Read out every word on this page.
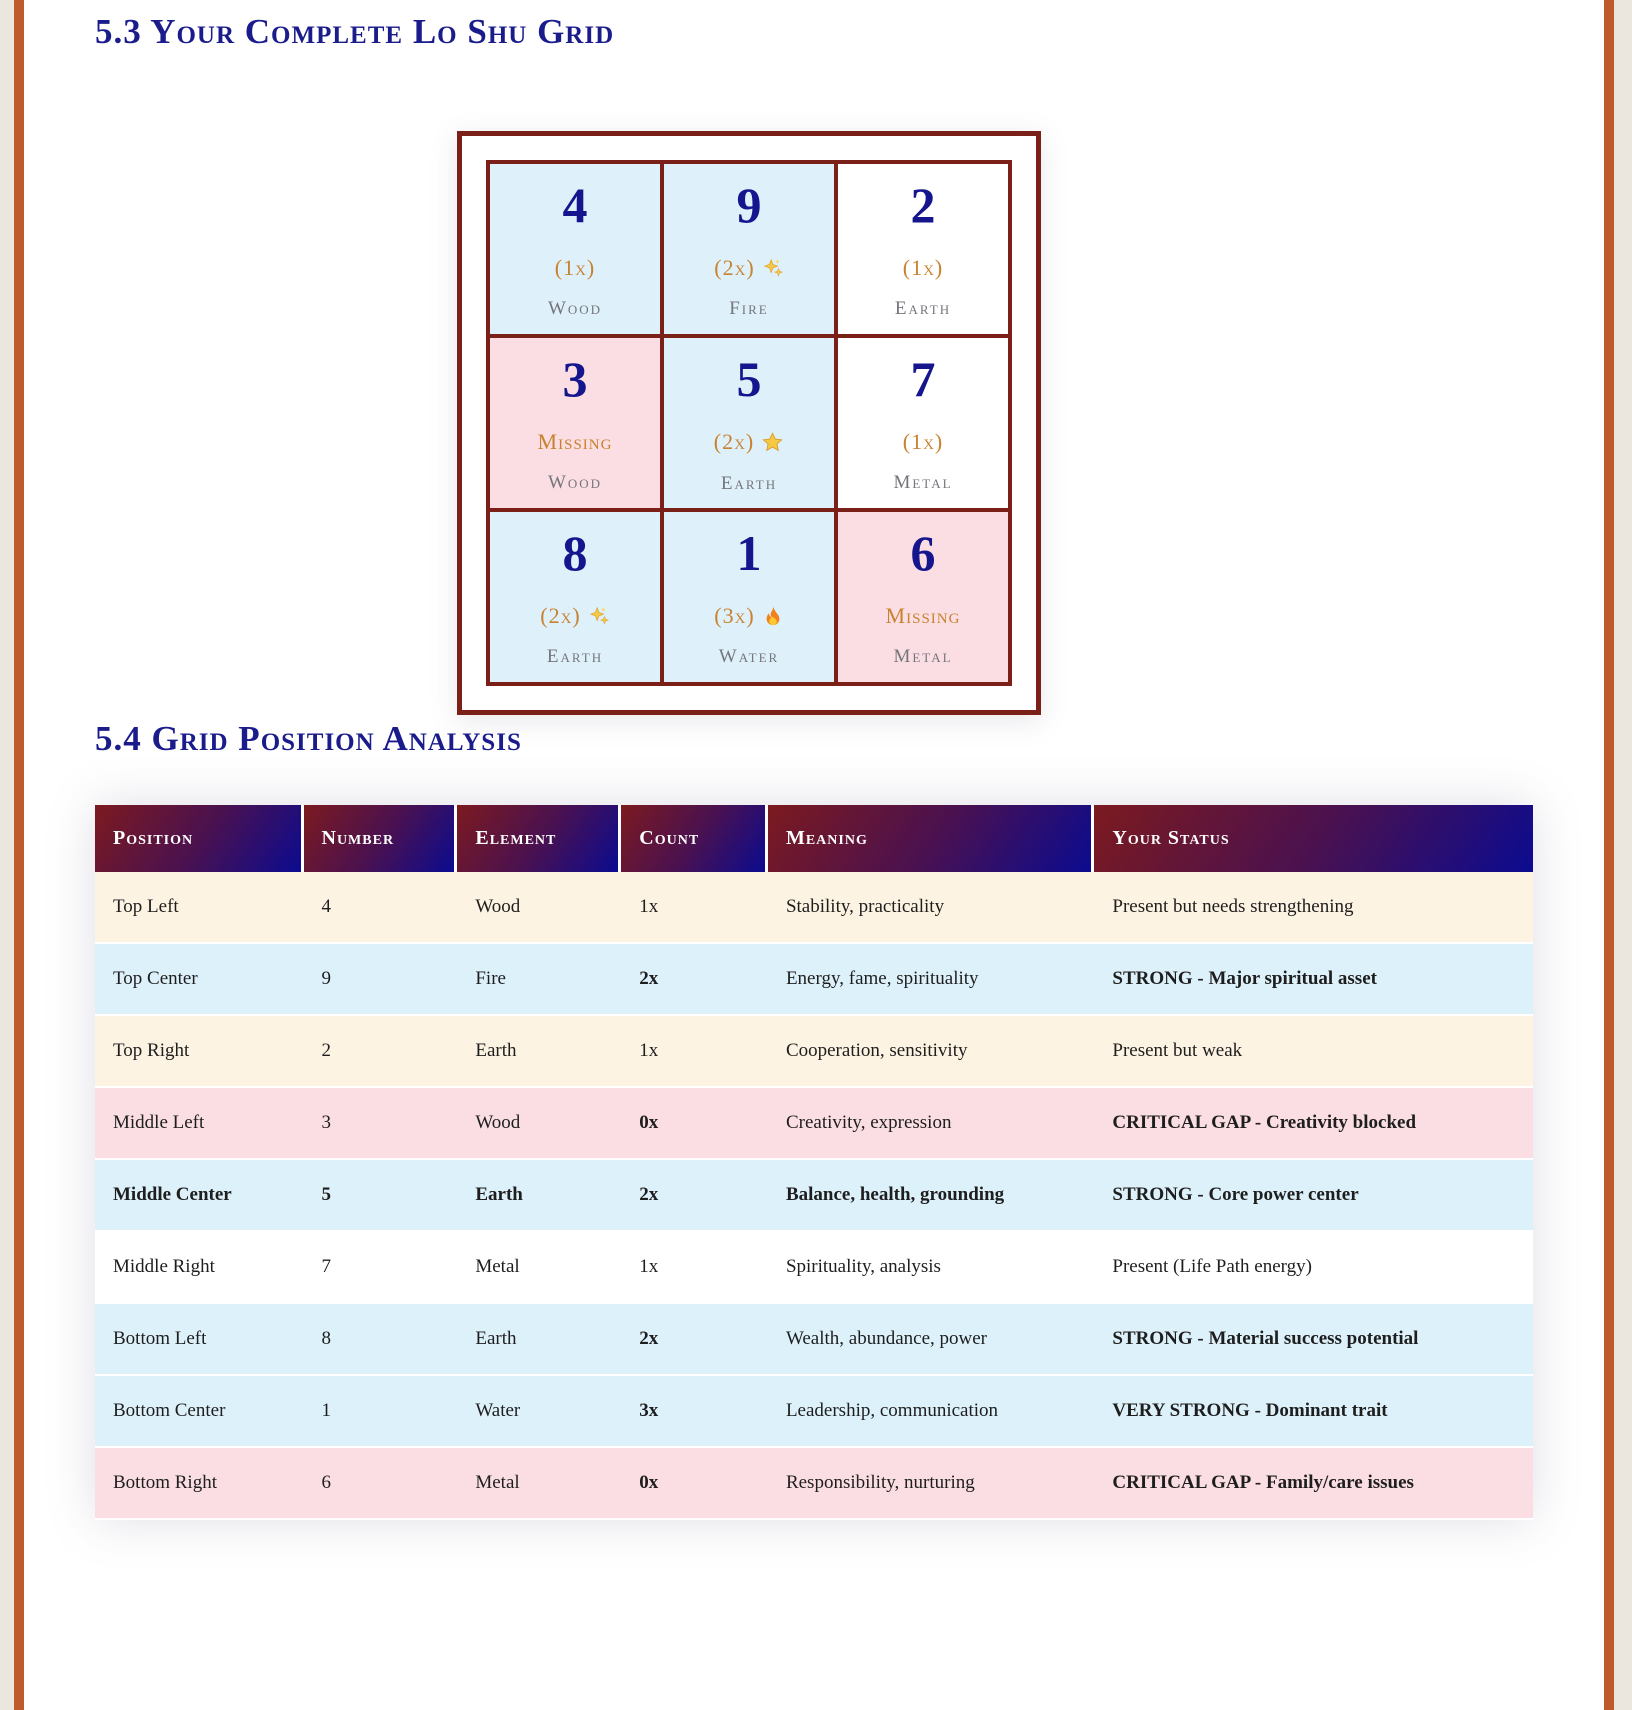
5.3 Your Complete Lo Shu Grid
4
(1x)
Wood
9
(2x)
Fire
2
(1x)
Earth
3
Missing
Wood
5
(2x)
Earth
7
(1x)
Metal
8
(2x)
Earth
1
(3x)
Water
6
Missing
Metal
5.4 Grid Position Analysis
Position	Number	Element	Count	Meaning	Your Status
Top Left	4	Wood	1x	Stability, practicality	Present but needs strengthening
Top Center	9	Fire	2x	Energy, fame, spirituality	STRONG - Major spiritual asset
Top Right	2	Earth	1x	Cooperation, sensitivity	Present but weak
Middle Left	3	Wood	0x	Creativity, expression	CRITICAL GAP - Creativity blocked
Middle Center	5	Earth	2x	Balance, health, grounding	STRONG - Core power center
Middle Right	7	Metal	1x	Spirituality, analysis	Present (Life Path energy)
Bottom Left	8	Earth	2x	Wealth, abundance, power	STRONG - Material success potential
Bottom Center	1	Water	3x	Leadership, communication	VERY STRONG - Dominant trait
Bottom Right	6	Metal	0x	Responsibility, nurturing	CRITICAL GAP - Family/care issues
